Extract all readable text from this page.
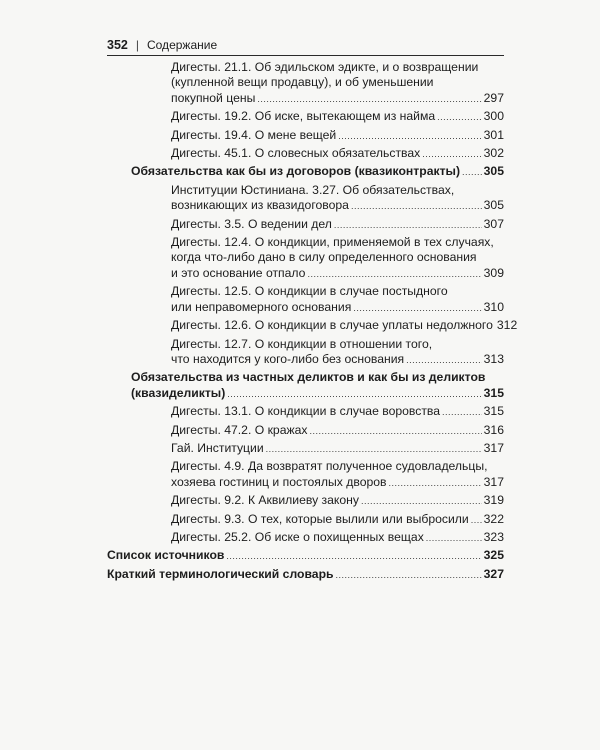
352 | Содержание
Дигесты. 21.1. Об эдильском эдикте, и о возвращении
(купленной вещи продавцу), и об уменьшении
покупной цены .....	297
Дигесты. 19.2. Об иске, вытекающем из найма .....	300
Дигесты. 19.4. О мене вещей .....	301
Дигесты. 45.1. О словесных обязательствах .....	302
Обязательства как бы из договоров (квазиконтракты) ..... 305
Институции Юстиниана. 3.27. Об обязательствах,
возникающих из квазидоговора .....	305
Дигесты. 3.5. О ведении дел .....	307
Дигесты. 12.4. О кондикции, применяемой в тех случаях,
когда что-либо дано в силу определенного основания
и это основание отпало .....	309
Дигесты. 12.5. О кондикции в случае постыдного
или неправомерного основания .....	310
Дигесты. 12.6. О кондикции в случае уплаты недолжного 312
Дигесты. 12.7. О кондикции в отношении того,
что находится у кого-либо без основания .....	313
Обязательства из частных деликтов и как бы из деликтов
(квазиделикты) .....	315
Дигесты. 13.1. О кондикции в случае воровства .....	315
Дигесты. 47.2. О кражах .....	316
Гай. Институции .....	317
Дигесты. 4.9. Да возвратят полученное судовладельцы,
хозяева гостиниц и постоялых дворов .....	317
Дигесты. 9.2. К Аквилиеву закону .....	319
Дигесты. 9.3. О тех, которые вылили или выбросили ..... 322
Дигесты. 25.2. Об иске о похищенных вещах .....	323
Список источников .....	325
Краткий терминологический словарь .....	327
